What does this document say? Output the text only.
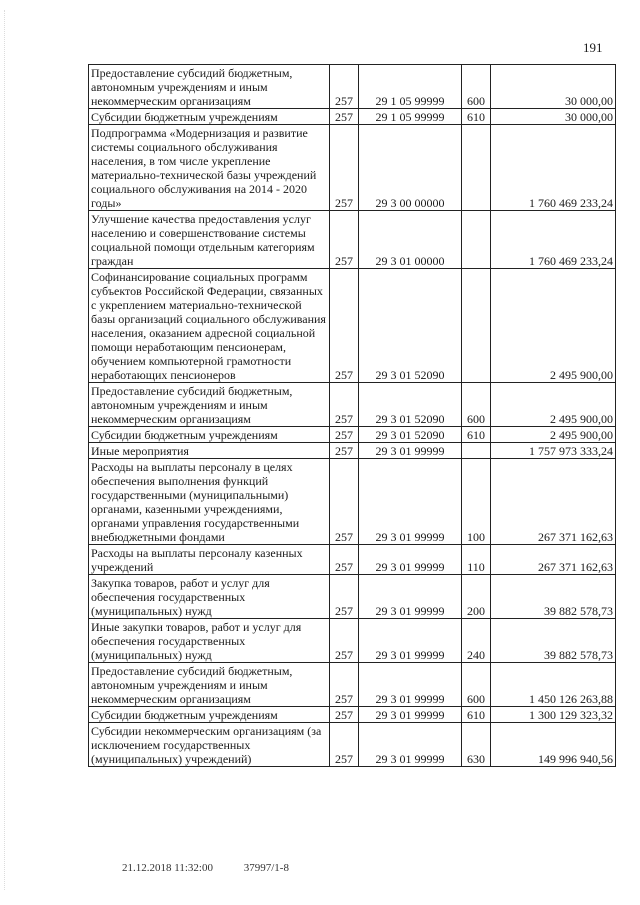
191
Предоставление субсидий бюджетным, автономным учреждениям и иным некоммерческим организациям	257	29 1 05 99999	600	30 000,00
Субсидии бюджетным учреждениям	257	29 1 05 99999	610	30 000,00
Подпрограмма «Модернизация и развитие системы социального обслуживания населения, в том числе укрепление материально-технической базы учреждений социального обслуживания на 2014 - 2020 годы»	257	29 3 00 00000		1 760 469 233,24
Улучшение качества предоставления услуг населению и совершенствование системы социальной помощи отдельным категориям граждан	257	29 3 01 00000		1 760 469 233,24
Софинансирование социальных программ субъектов Российской Федерации, связанных с укреплением материально-технической базы организаций социального обслуживания населения, оказанием адресной социальной помощи неработающим пенсионерам, обучением компьютерной грамотности неработающих пенсионеров	257	29 3 01 52090		2 495 900,00
Предоставление субсидий бюджетным, автономным учреждениям и иным некоммерческим организациям	257	29 3 01 52090	600	2 495 900,00
Субсидии бюджетным учреждениям	257	29 3 01 52090	610	2 495 900,00
Иные мероприятия	257	29 3 01 99999		1 757 973 333,24
Расходы на выплаты персоналу в целях обеспечения выполнения функций государственными (муниципальными) органами, казенными учреждениями, органами управления государственными внебюджетными фондами	257	29 3 01 99999	100	267 371 162,63
Расходы на выплаты персоналу казенных учреждений	257	29 3 01 99999	110	267 371 162,63
Закупка товаров, работ и услуг для обеспечения государственных (муниципальных) нужд	257	29 3 01 99999	200	39 882 578,73
Иные закупки товаров, работ и услуг для обеспечения государственных (муниципальных) нужд	257	29 3 01 99999	240	39 882 578,73
Предоставление субсидий бюджетным, автономным учреждениям и иным некоммерческим организациям	257	29 3 01 99999	600	1 450 126 263,88
Субсидии бюджетным учреждениям	257	29 3 01 99999	610	1 300 129 323,32
Субсидии некоммерческим организациям (за исключением государственных (муниципальных) учреждений)	257	29 3 01 99999	630	149 996 940,56
21.12.2018 11:32:00	37997/1-8
